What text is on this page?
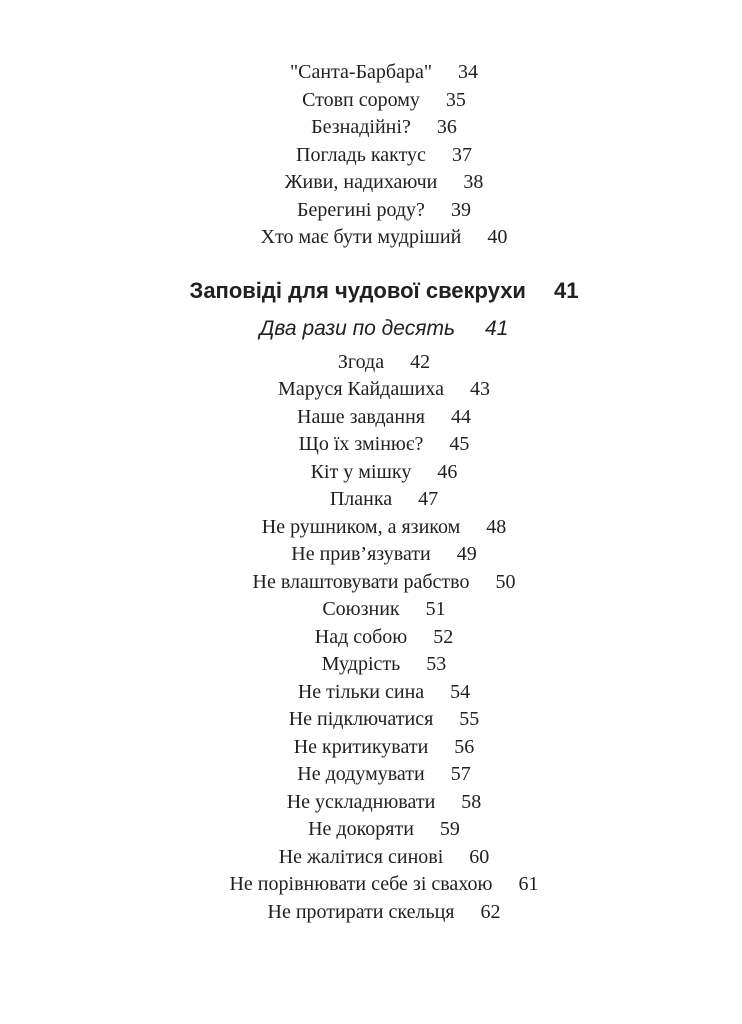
"Санта-Барбара" 34
Стовп сорому 35
Безнадійні? 36
Погладь кактус 37
Живи, надихаючи 38
Берегині роду? 39
Хто має бути мудріший 40
Заповіді для чудової свекрухи 41
Два рази по десять 41
Згода 42
Маруся Кайдашиха 43
Наше завдання 44
Що їх змінює? 45
Кіт у мішку 46
Планка 47
Не рушником, а язиком 48
Не прив’язувати 49
Не влаштовувати рабство 50
Союзник 51
Над собою 52
Мудрість 53
Не тільки сина 54
Не підключатися 55
Не критикувати 56
Не додумувати 57
Не ускладнювати 58
Не докоряти 59
Не жалітися синові 60
Не порівнювати себе зі свахою 61
Не протирати скельця 62
